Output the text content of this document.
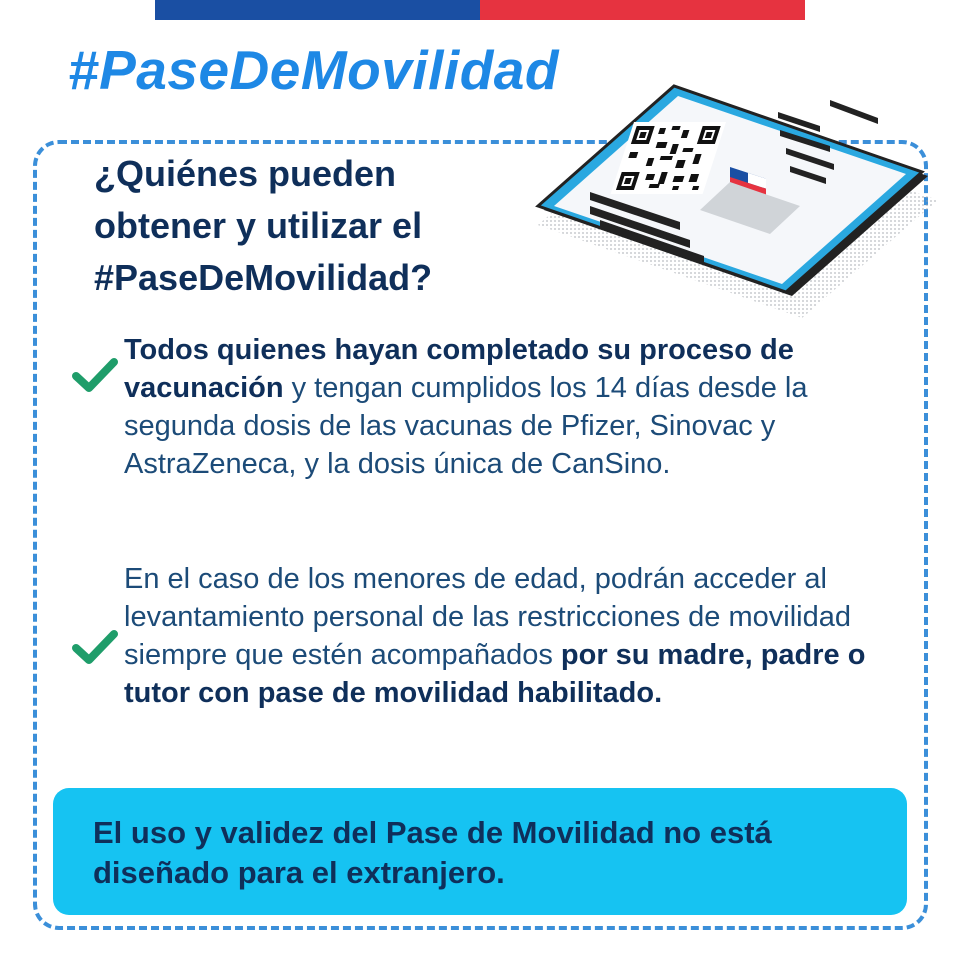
#PaseDeMovilidad
¿Quiénes pueden
obtener y utilizar el
#PaseDeMovilidad?

Todos quienes hayan completado su proceso de vacunación y tengan cumplidos los 14 días desde la segunda dosis de las vacunas de Pfizer, Sinovac y AstraZeneca, y la dosis única de CanSino.

En el caso de los menores de edad, podrán acceder al levantamiento personal de las restricciones de movilidad siempre que estén acompañados por su madre, padre o tutor con pase de movilidad habilitado.

El uso y validez del Pase de Movilidad no está diseñado para el extranjero.
